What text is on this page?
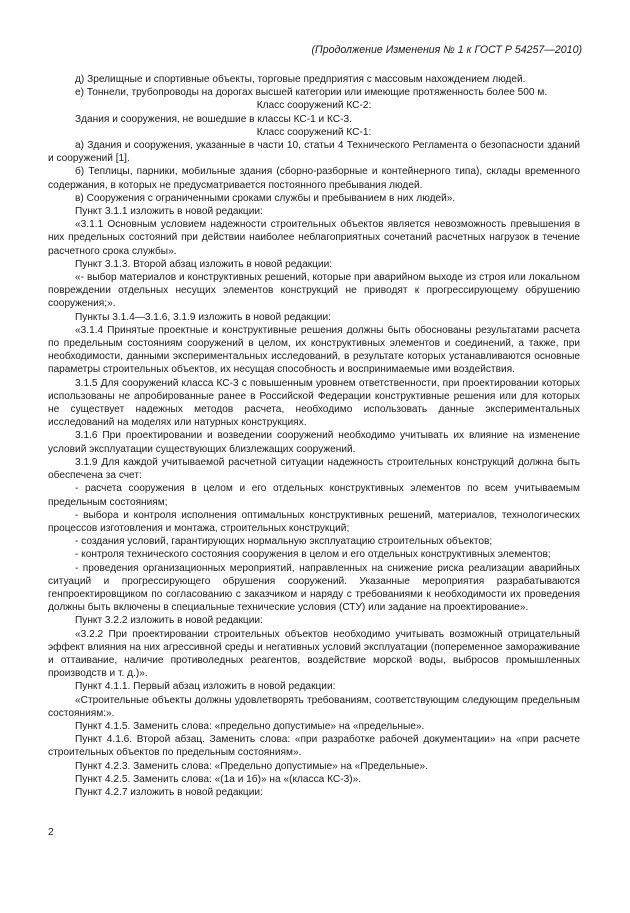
(Продолжение Изменения № 1 к ГОСТ Р 54257—2010)

д) Зрелищные и спортивные объекты, торговые предприятия с массовым нахождением людей.

е) Тоннели, трубопроводы на дорогах высшей категории или имеющие протяженность более 500 м.

Класс сооружений КС-2:

Здания и сооружения, не вошедшие в классы КС-1 и КС-3.

Класс сооружений КС-1:

а) Здания и сооружения, указанные в части 10, статьи 4 Технического Регламента о безопасности зданий и сооружений [1].

б) Теплицы, парники, мобильные здания (сборно-разборные и контейнерного типа), склады временного содержания, в которых не предусматривается постоянного пребывания людей.

в) Сооружения с ограниченными сроками службы и пребыванием в них людей».

Пункт 3.1.1 изложить в новой редакции:

«3.1.1 Основным условием надежности строительных объектов является невозможность превышения в них предельных состояний при действии наиболее неблагоприятных сочетаний расчетных нагрузок в течение расчетного срока службы».

Пункт 3.1.3. Второй абзац изложить в новой редакции:

«- выбор материалов и конструктивных решений, которые при аварийном выходе из строя или локальном повреждении отдельных несущих элементов конструкций не приводят к прогрессирующему обрушению сооружения;».

Пункты 3.1.4—3.1.6, 3.1.9 изложить в новой редакции:

«3.1.4 Принятые проектные и конструктивные решения должны быть обоснованы результатами расчета по предельным состояниям сооружений в целом, их конструктивных элементов и соединений, а также, при необходимости, данными экспериментальных исследований, в результате которых устанавливаются основные параметры строительных объектов, их несущая способность и воспринимаемые ими воздействия.

3.1.5 Для сооружений класса КС-3 с повышенным уровнем ответственности, при проектировании которых использованы не апробированные ранее в Российской Федерации конструктивные решения или для которых не существует надежных методов расчета, необходимо использовать данные экспериментальных исследований на моделях или натурных конструкциях.

3.1.6 При проектировании и возведении сооружений необходимо учитывать их влияние на изменение условий эксплуатации существующих близлежащих сооружений.

3.1.9 Для каждой учитываемой расчетной ситуации надежность строительных конструкций должна быть обеспечена за счет:

- расчета сооружения в целом и его отдельных конструктивных элементов по всем учитываемым предельным состояниям;

- выбора и контроля исполнения оптимальных конструктивных решений, материалов, технологических процессов изготовления и монтажа, строительных конструкций;

- создания условий, гарантирующих нормальную эксплуатацию строительных объектов;

- контроля технического состояния сооружения в целом и его отдельных конструктивных элементов;

- проведения организационных мероприятий, направленных на снижение риска реализации аварийных ситуаций и прогрессирующего обрушения сооружений. Указанные мероприятия разрабатываются генпроектировщиком по согласованию с заказчиком и наряду с требованиями к необходимости их проведения должны быть включены в специальные технические условия (СТУ) или задание на проектирование».

Пункт 3.2.2 изложить в новой редакции:

«3.2.2 При проектировании строительных объектов необходимо учитывать возможный отрицательный эффект влияния на них агрессивной среды и негативных условий эксплуатации (попеременное замораживание и оттаивание, наличие противоледных реагентов, воздействие морской воды, выбросов промышленных производств и т. д.)».

Пункт 4.1.1. Первый абзац изложить в новой редакции:

«Строительные объекты должны удовлетворять требованиям, соответствующим следующим предельным состояниям:».

Пункт 4.1.5. Заменить слова: «предельно допустимые» на «предельные».

Пункт 4.1.6. Второй абзац. Заменить слова: «при разработке рабочей документации» на «при расчете строительных объектов по предельным состояниям».

Пункт 4.2.3. Заменить слова: «Предельно допустимые» на «Предельные».

Пункт 4.2.5. Заменить слова: «(1а и 1б)» на «(класса КС-3)».

Пункт 4.2.7 изложить в новой редакции:

2
